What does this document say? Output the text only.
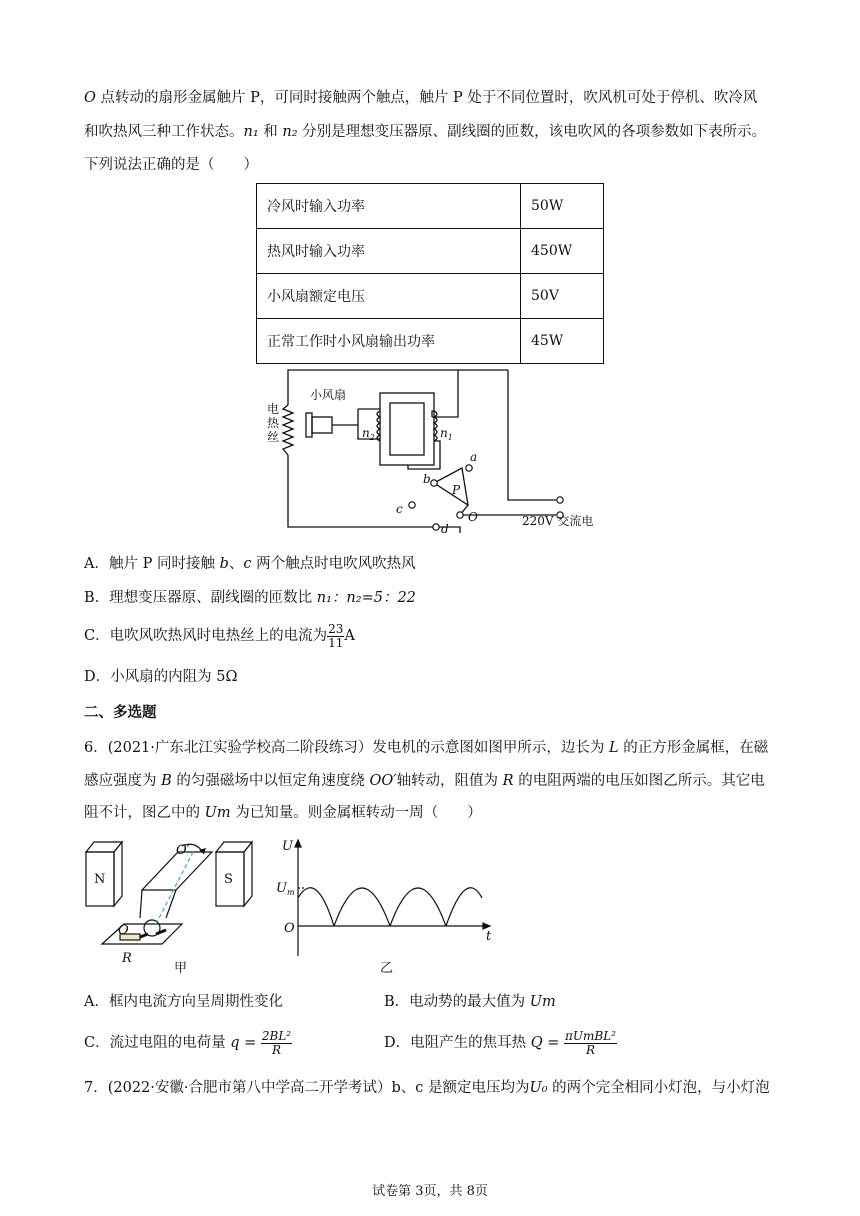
O 点转动的扇形金属触片 P，可同时接触两个触点，触片 P 处于不同位置时，吹风机可处于停机、吹冷风
和吹热风三种工作状态。n₁ 和 n₂ 分别是理想变压器原、副线圈的匝数，该电吹风的各项参数如下表所示。
下列说法正确的是（　　）
冷风时输入功率	50W
热风时输入功率	450W
小风扇额定电压	50V
正常工作时小风扇输出功率	45W
电
热
丝
小风扇
$n_2$	$n_1$
a
b
c
d
P
O	220V 交流电
A．触片 P 同时接触 b、c 两个触点时电吹风吹热风
B．理想变压器原、副线圈的匝数比 n₁：n₂=5：22
C．电吹风吹热风时电热丝上的电流为 $\frac{23}{11}$ A
D．小风扇的内阻为 5Ω
二、多选题
6．(2021·广东北江实验学校高二阶段练习）发电机的示意图如图甲所示，边长为 L 的正方形金属框，在磁
感应强度为 B 的匀强磁场中以恒定角速度绕 OO′轴转动，阻值为 R 的电阻两端的电压如图乙所示。其它电
阻不计，图乙中的 Um 为已知量。则金属框转动一周（　　）
N	S
O′
O
R
甲
U
$U_m$
O
t
乙
A．框内电流方向呈周期性变化	B．电动势的最大值为 Um
C．流过电阻的电荷量 $q = \frac{\text{2BL²}}{R}$	D．电阻产生的焦耳热 $Q = \frac{\text{πUmBL²}}{R}$
7．(2022·安徽·合肥市第八中学高二开学考试）b、c 是额定电压均为U₀ 的两个完全相同小灯泡，与小灯泡
试卷第 3页，共 8页
